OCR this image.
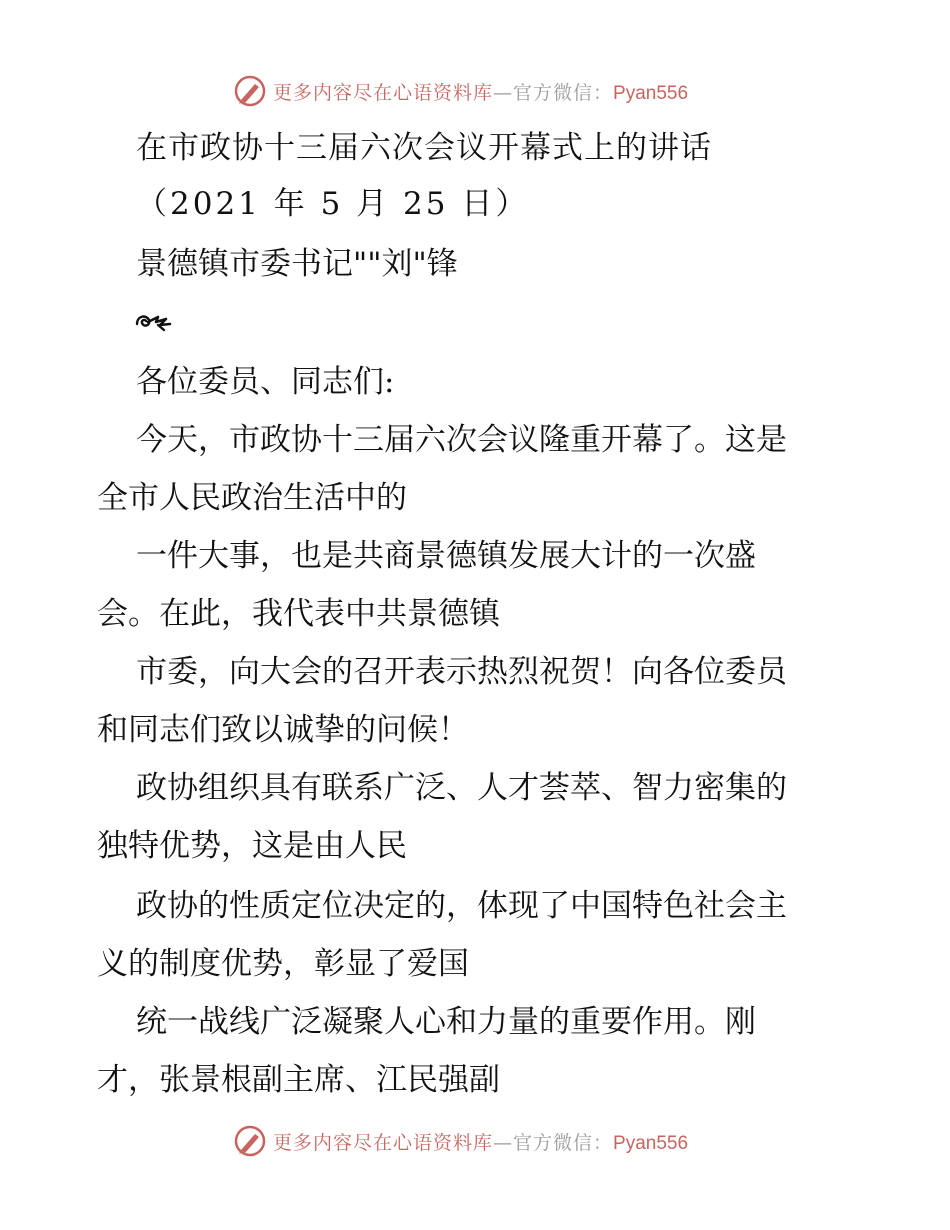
更多内容尽在心语资料库—官方微信：Pyan556
在市政协十三届六次会议开幕式上的讲话
（2021 年 5 月 25 日）
景德镇市委书记""刘"锋
各位委员、同志们:
今天，市政协十三届六次会议隆重开幕了。这是
全市人民政治生活中的
一件大事，也是共商景德镇发展大计的一次盛
会。在此，我代表中共景德镇
市委，向大会的召开表示热烈祝贺！向各位委员
和同志们致以诚挚的问候！
政协组织具有联系广泛、人才荟萃、智力密集的
独特优势，这是由人民
政协的性质定位决定的，体现了中国特色社会主
义的制度优势，彰显了爱国
统一战线广泛凝聚人心和力量的重要作用。刚
才，张景根副主席、江民强副
更多内容尽在心语资料库—官方微信：Pyan556
